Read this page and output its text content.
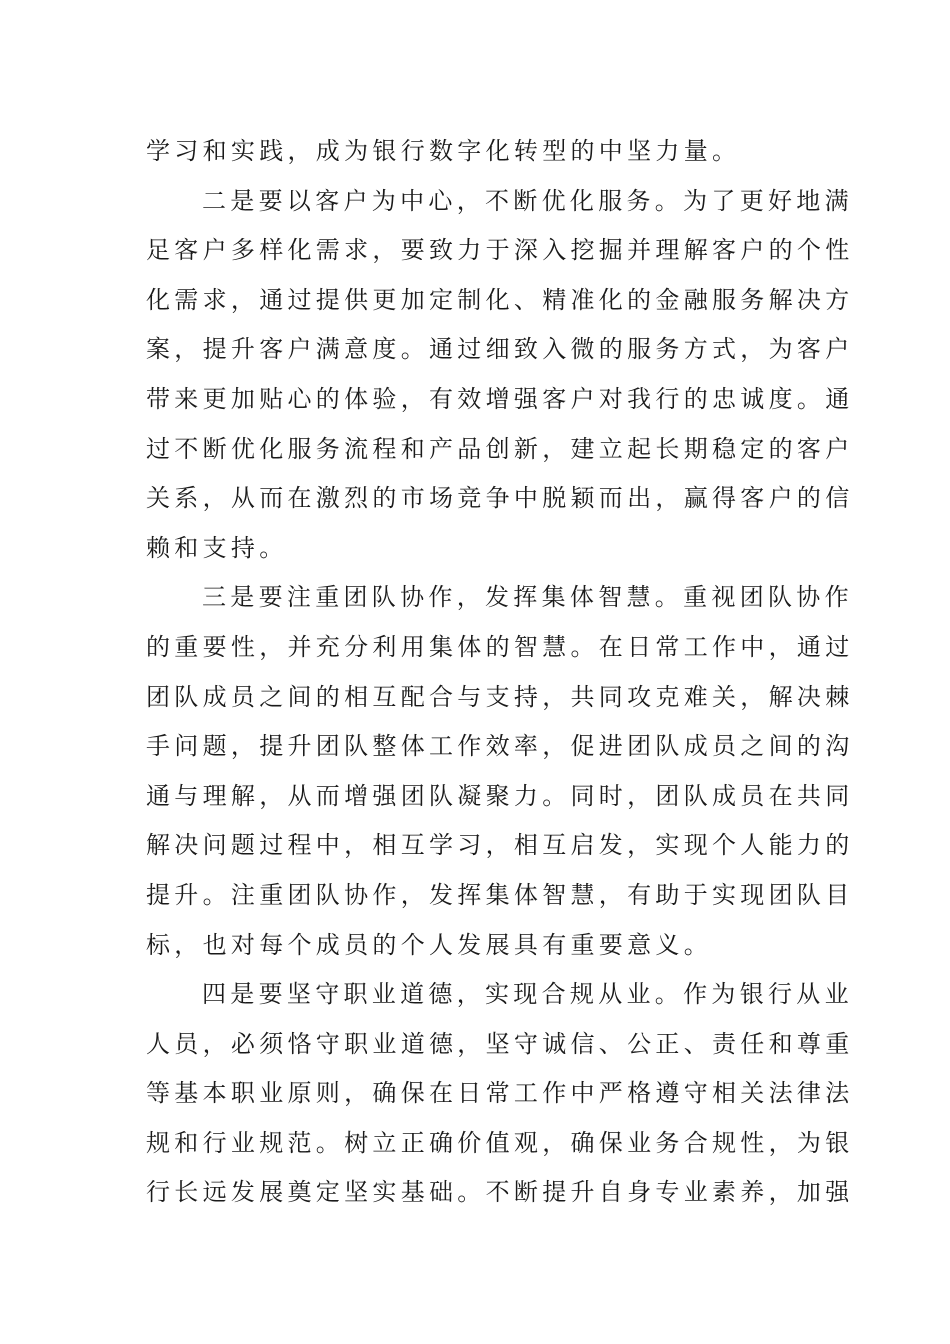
学习和实践，成为银行数字化转型的中坚力量。
二是要以客户为中心，不断优化服务。为了更好地满
足客户多样化需求，要致力于深入挖掘并理解客户的个性
化需求，通过提供更加定制化、精准化的金融服务解决方
案，提升客户满意度。通过细致入微的服务方式，为客户
带来更加贴心的体验，有效增强客户对我行的忠诚度。通
过不断优化服务流程和产品创新，建立起长期稳定的客户
关系，从而在激烈的市场竞争中脱颖而出，赢得客户的信
赖和支持。
三是要注重团队协作，发挥集体智慧。重视团队协作
的重要性，并充分利用集体的智慧。在日常工作中，通过
团队成员之间的相互配合与支持，共同攻克难关，解决棘
手问题，提升团队整体工作效率，促进团队成员之间的沟
通与理解，从而增强团队凝聚力。同时，团队成员在共同
解决问题过程中，相互学习，相互启发，实现个人能力的
提升。注重团队协作，发挥集体智慧，有助于实现团队目
标，也对每个成员的个人发展具有重要意义。
四是要坚守职业道德，实现合规从业。作为银行从业
人员，必须恪守职业道德，坚守诚信、公正、责任和尊重
等基本职业原则，确保在日常工作中严格遵守相关法律法
规和行业规范。树立正确价值观，确保业务合规性，为银
行长远发展奠定坚实基础。不断提升自身专业素养，加强
